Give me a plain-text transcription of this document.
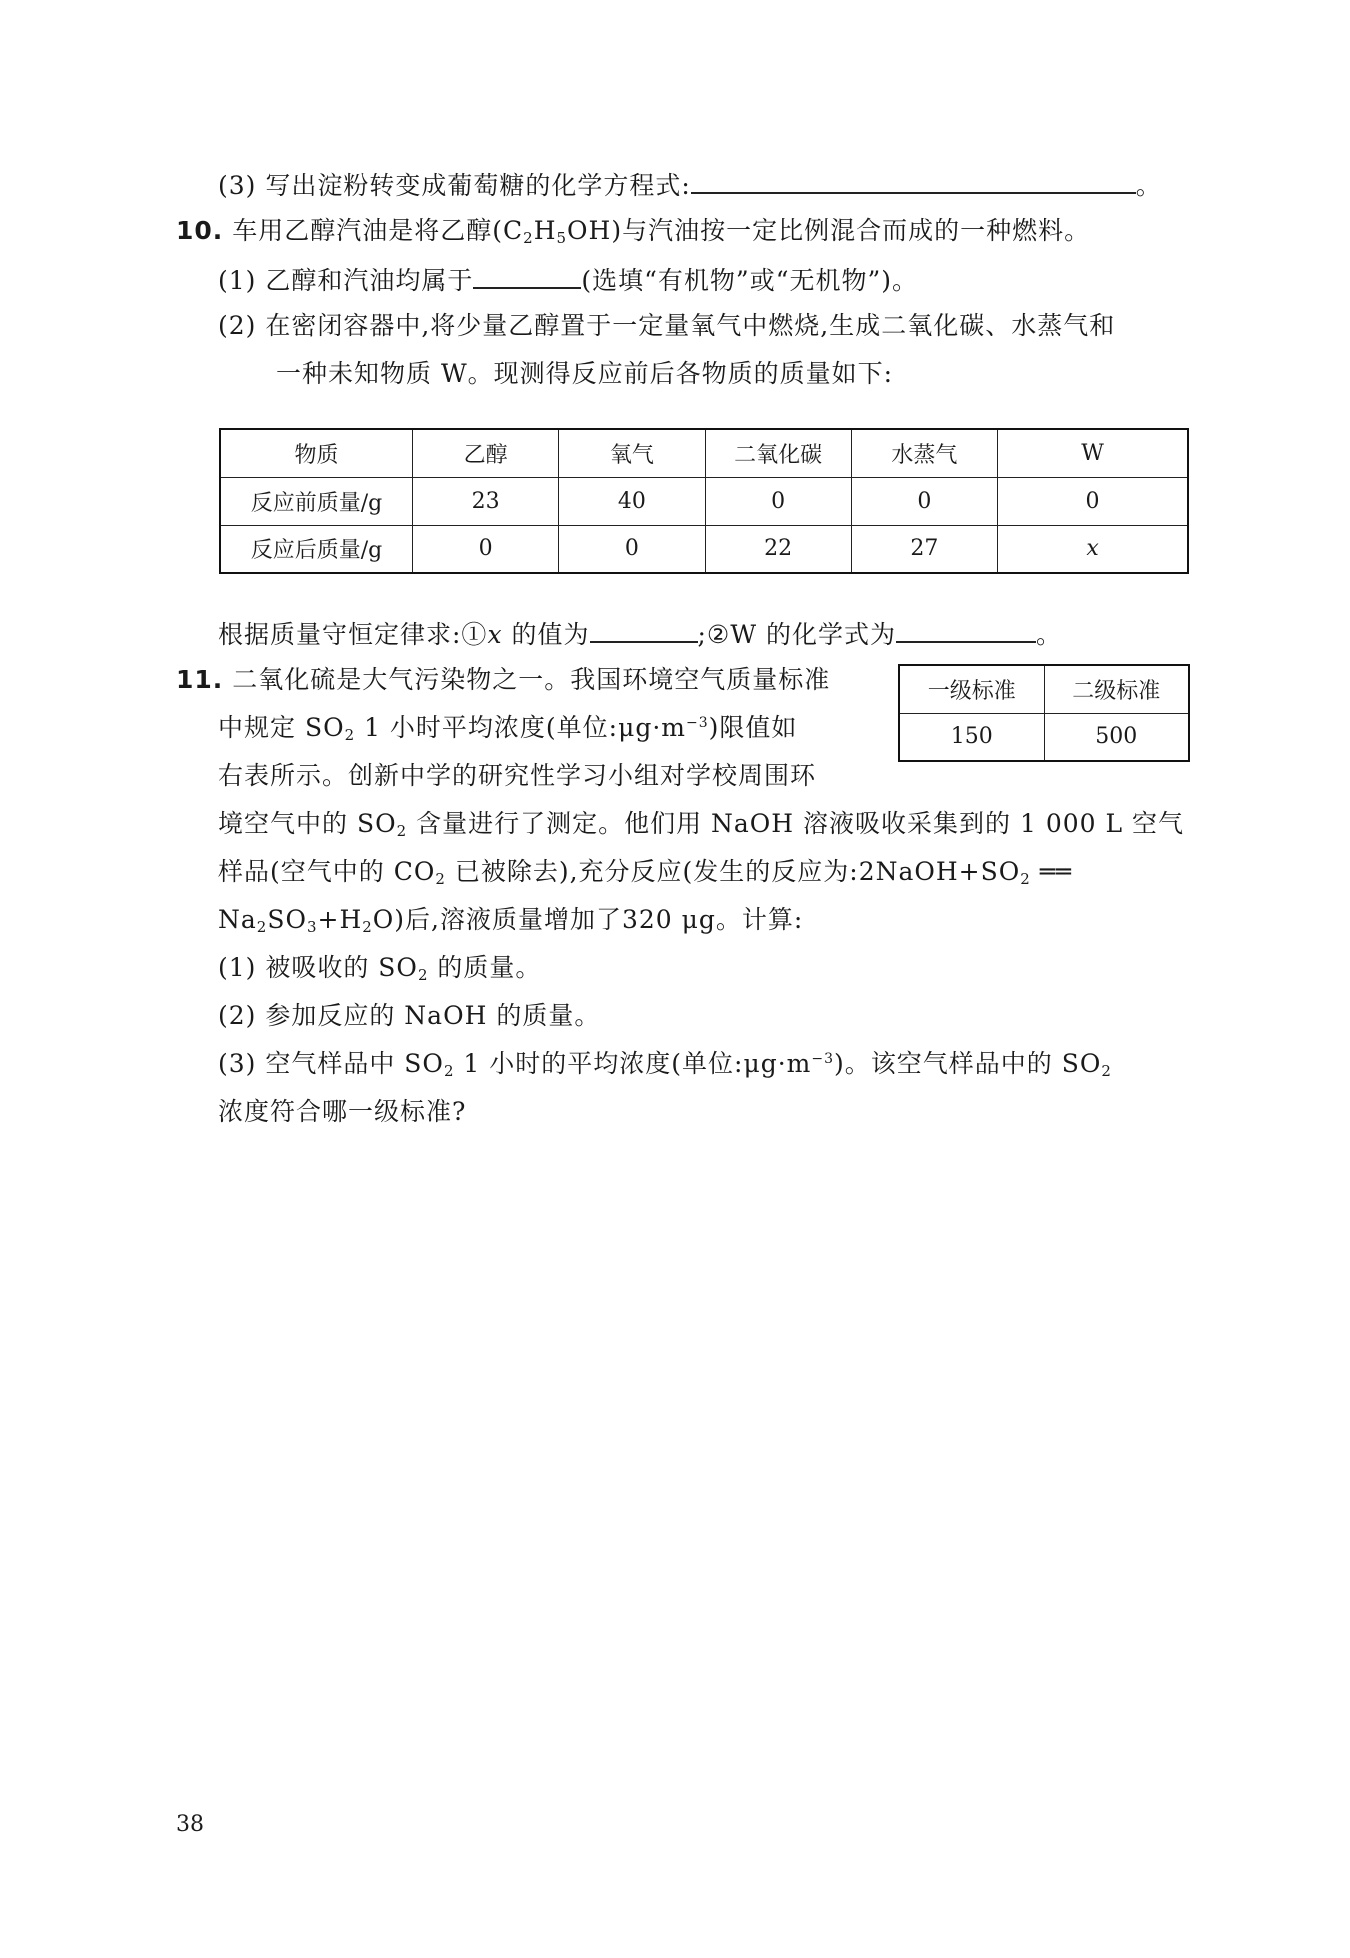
(3) 写出淀粉转变成葡萄糖的化学方程式:	。
10. 车用乙醇汽油是将乙醇$(C_2H_5OH)$与汽油按一定比例混合而成的一种燃料。
(1) 乙醇和汽油均属于	(选填“有机物”或“无机物”)。
(2) 在密闭容器中,将少量乙醇置于一定量氧气中燃烧,生成二氧化碳、水蒸气和
一种未知物质 W。现测得反应前后各物质的质量如下:
物质	乙醇	氧气	二氧化碳	水蒸气	W
反应前质量/g	23	40	0	0	0
反应后质量/g	0	0	22	27	x
根据质量守恒定律求:①x 的值为	;②W 的化学式为	。
11. 二氧化硫是大气污染物之一。我国环境空气质量标准
中规定 $SO_2$ 1 小时平均浓度(单位$:\mu g\cdot m^{-3}$)限值如
右表所示。创新中学的研究性学习小组对学校周围环
一级标准	二级标准
150	500
境空气中的 $SO_2$ 含量进行了测定。他们用 NaOH 溶液吸收采集到的 1 000 L 空气
样品(空气中的 $CO_2$ 已被除去),充分反应(发生的反应为$:2NaOH+SO_2$ ══
$Na_2SO_3+H_2O$)后,溶液质量增加了320 μg。计算:
(1) 被吸收的 $SO_2$ 的质量。
(2) 参加反应的 NaOH 的质量。
(3) 空气样品中 $SO_2$ 1 小时的平均浓度(单位$:\mu g\cdot m^{-3}$)。该空气样品中的 $SO_2$
浓度符合哪一级标准?
38
